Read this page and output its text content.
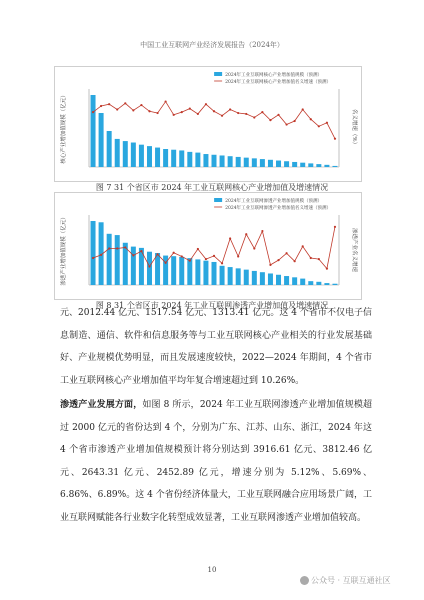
中国工业互联网产业经济发展报告（2024年）
核心产业增加值规模（亿元）	名义增速（%）
2024年工业互联网核心产业增加值规模（预测）
2024年工业互联网核心产业增加值名义增速（预测）
图 7 31 个省区市 2024 年工业互联网核心产业增加值及增速情况
渗透产业增加值规模（亿元）	渗透产业名义增速
2024年工业互联网渗透产业增加值规模（预测）
2024年工业互联网渗透产业增加值名义增速（预测）
图 8 31 个省区市 2024 年工业互联网渗透产业增加值及增速情况

元、2012.44 亿元、1517.54 亿元、1313.41 亿元。这 4 个省市不仅电子信息制造、通信、软件和信息服务等与工业互联网核心产业相关的行业发展基础好、产业规模优势明显，而且发展速度较快，2022—2024 年期间，4 个省市工业互联网核心产业增加值平均年复合增速超过到 10.26%。

渗透产业发展方面，如图 8 所示，2024 年工业互联网渗透产业增加值规模超过 2000 亿元的省份达到 4 个，分别为广东、江苏、山东、浙江，2024 年这 4 个省市渗透产业增加值规模预计将分别达到 3916.61 亿元、3812.46 亿元、2643.31 亿元、2452.89 亿元，增速分别为 5.12%、5.69%、6.86%、6.89%。这 4 个省份经济体量大，工业互联网融合应用场景广阔，工业互联网赋能各行业数字化转型成效显著，工业互联网渗透产业增加值较高。

10
公众号 · 互联互通社区
